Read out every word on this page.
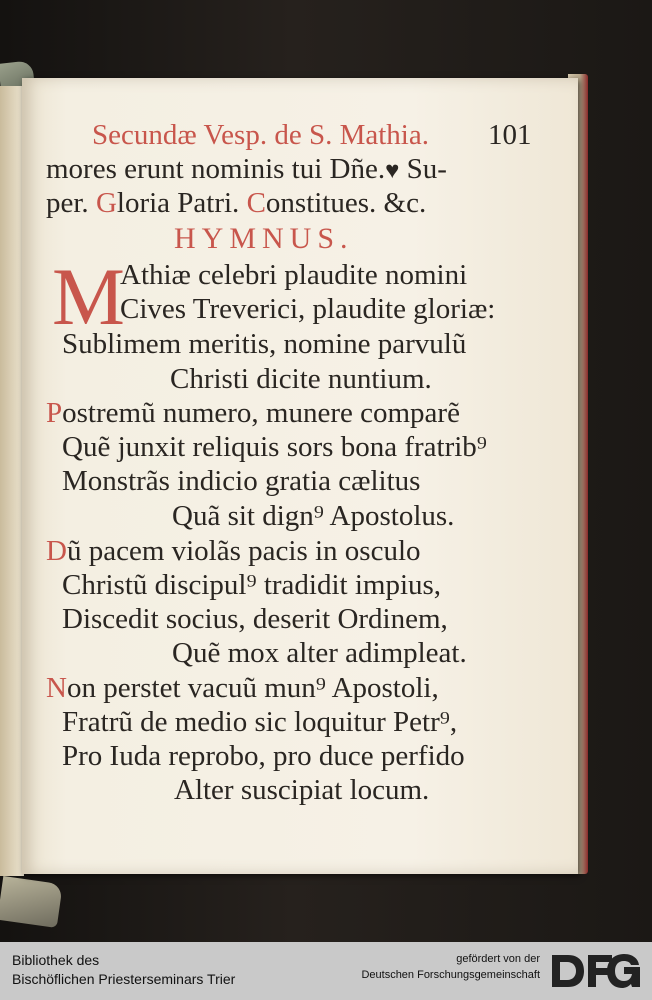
Secundæ Vesp. de S. Mathia. 101
mores erunt nominis tui Dñe.♥ Su-
per. Gloria Patri. Constitues. &c.
HYMNUS.
M
Athiæ celebri plaudite nomini
Cives Treverici, plaudite gloriæ:
Sublimem meritis, nomine parvulũ
Christi dicite nuntium.
Postremũ numero, munere comparẽ
Quẽ junxit reliquis sors bona fratrib⁹
Monstrãs indicio gratia cælitus
Quã sit dign⁹ Apostolus.
Dũ pacem violãs pacis in osculo
Christũ discipul⁹ tradidit impius,
Discedit socius, deserit Ordinem,
Quẽ mox alter adimpleat.
Non perstet vacuũ mun⁹ Apostoli,
Fratrũ de medio sic loquitur Petr⁹,
Pro Iuda reprobo, pro duce perfido
Alter suscipiat locum.
Bibliothek des
Bischöflichen Priesterseminars Trier
gefördert von der
Deutschen Forschungsgemeinschaft
